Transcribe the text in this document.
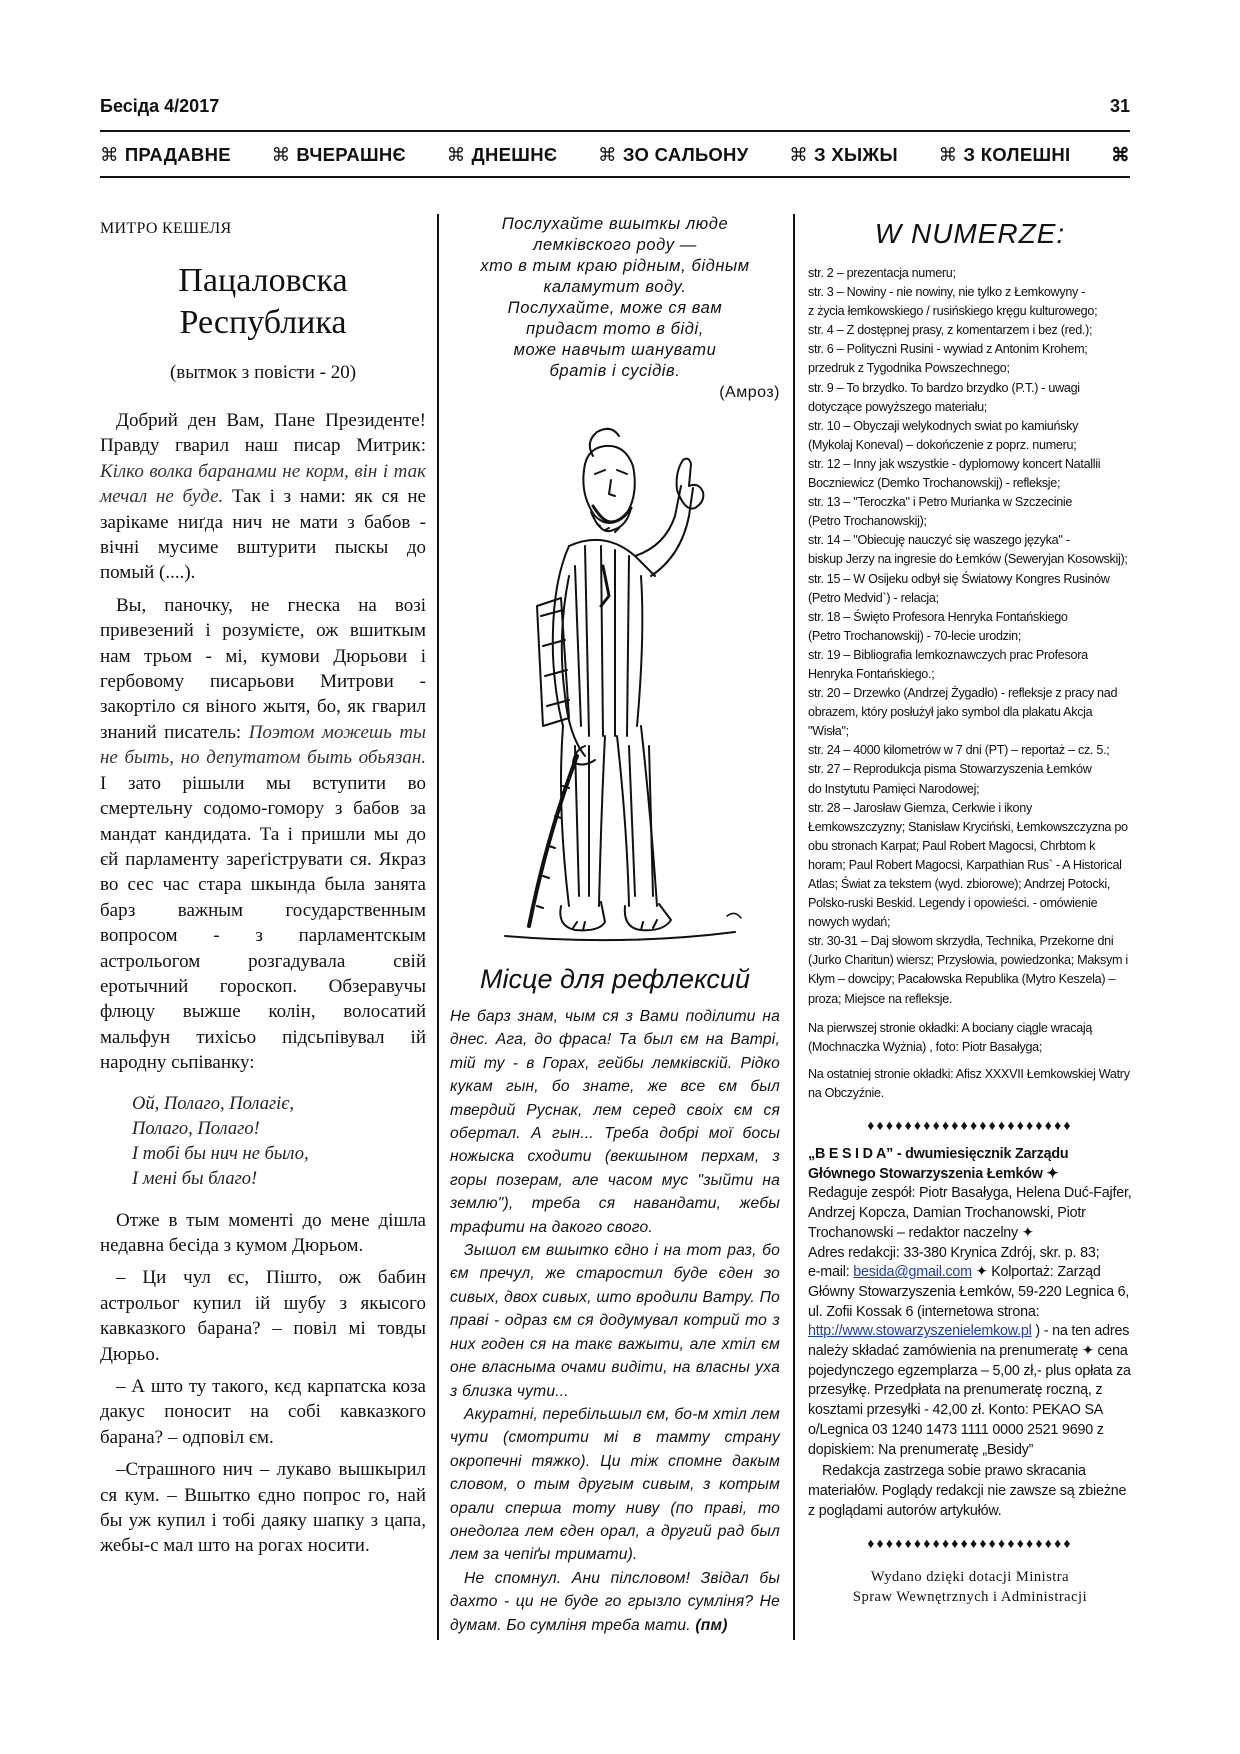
Бесіда 4/2017	31
⌘ ПРАДАВНЕ ⌘ ВЧЕРАШНЄ ⌘ ДНЕШНЄ ⌘ ЗО САЛЬОНУ ⌘ З ХЫЖЫ ⌘ З КОЛЕШНІ ⌘
МИТРО КЕШЕЛЯ
Пацаловска
Республика
(вытмок з повісти - 20)

Добрий ден Вам, Пане Президенте! Правду гварил наш писар Митрик: Кілко волка баранами не корм, він і так мечал не буде. Так і з нами: як ся не зарікаме ниґда нич не мати з бабов - вічні мусиме вштурити пыскы до помый (....).

Вы, паночку, не гнеска на возі привезений і розумієте, ож вшиткым нам трьом - мі, кумови Дюрьови і гербовому писарьови Митрови - закортіло ся віного жытя, бо, як гварил знаний писатель: Поэтом можешь ты не быть, но депутатом быть обьязан. І зато рішыли мы вступити во смертельну содомо-гомору з бабов за мандат кандидата. Та і пришли мы до єй парламенту зареґіструвати ся. Якраз во сес час стара шкында была занята барз важным государственным вопросом - з парламентскым астрольогом розгадувала свій еротычний гороскоп. Обзеравучы флюцу выжше колін, волосатий мальфун тихісьо підсьпівувал ій народну сьпіванку:

Ой, Полаго, Полагіє,
Полаго, Полаго!
І тобі бы нич не было,
І мені бы благо!

Отже в тым моменті до мене дішла недавна бесіда з кумом Дюрьом.

– Ци чул єс, Пішто, ож бабин астрольог купил ій шубу з якысого кавказкого барана? – повіл мі товды Дюрьо.

– А што ту такого, кєд карпатска коза дакус поносит на собі кавказкого барана? – одповіл єм.

–Страшного нич – лукаво вышкырил ся кум. – Вшытко єдно попрос го, най бы уж купил і тобі даяку шапку з цапа, жебы-с мал што на рогах носити.

Послухайте вшыткы люде
лемківского роду —
хто в тым краю рідным, бідным
каламутит воду.
Послухайте, може ся вам
придаст тото в біді,
може навчыт шанувати
братів і сусідів.
(Амроз)
Місце для рефлексий

Не барз знам, чым ся з Вами поділити на днес. Ага, до фраса! Та был єм на Ватрі, тій ту - в Горах, гейбы лемківскій. Рідко кукам гын, бо знате, же все єм был твердий Руснак, лем серед своіх єм ся обертал. А гын... Треба добрі мої босы ножыска сходити (векшыном перхам, з горы позерам, але часом мус "зыйти на землю"), треба ся навандати, жебы трафити на дакого свого.

Зышол єм вшытко єдно і на тот раз, бо єм пречул, же старостил буде єден зо сивых, двох сивых, што вродили Ватру. По праві - одраз єм ся додумувал котрий то з них годен ся на такє важыти, але хтіл єм оне власныма очами видіти, на власны уха з близка чути...

Акуратні, перебільшыл єм, бо-м хтіл лем чути (смотрити мі в тамту страну окропечні тяжко). Ци тіж спомне дакым словом, о тым другым сивым, з котрым орали спершa тоту ниву (по праві, то онедолга лем єден орал, а другий рад был лем за чепіґы тримати).

Не спомнул. Ани пілсловом! Звідал бы дахто - ци не буде го грызло сумліня? Не думам. Бо сумліня треба мати. (пм)

W NUMERZE:
str. 2 – prezentacja numeru;
str. 3 – Nowiny - nie nowiny, nie tylko z Łemkowyny -
z życia łemkowskiego / rusińskiego kręgu kulturowego;
str. 4 – Z dostępnej prasy, z komentarzem i bez (red.);
str. 6 – Polityczni Rusini - wywiad z Antonim Krohem;
przedruk z Tygodnika Powszechnego;
str. 9 – To brzydko. To bardzo brzydko (P.T.) - uwagi
dotyczące powyższego materiału;
str. 10 – Obyczaji welykodnych swiat po kamiuńsky
(Mykolaj Koneval) – dokończenie z poprz. numeru;
str. 12 – Inny jak wszystkie - dyplomowy koncert Natallii Boczniewicz (Demko Trochanowskij) - refleksje;
str. 13 – "Teroczka" i Petro Murianka w Szczecinie
(Petro Trochanowskij);
str. 14 – "Obiecuję nauczyć się waszego języka" -
biskup Jerzy na ingresie do Łemków (Seweryjan Kosowskij);
str. 15 – W Osijeku odbył się Światowy Kongres Rusinów (Petro Medvid`) - relacja;
str. 18 – Święto Profesora Henryka Fontańskiego
(Petro Trochanowskij) - 70-lecie urodzin;
str. 19 – Bibliografia lemkoznawczych prac Profesora
Henryka Fontańskiego.;
str. 20 – Drzewko (Andrzej Żygadło) - refleksje z pracy nad obrazem, który posłużył jako symbol dla plakatu Akcja "Wisła";
str. 24 – 4000 kilometrów w 7 dni (PT) – reportaż – cz. 5.;
str. 27 – Reprodukcja pisma Stowarzyszenia Łemków
do Instytutu Pamięci Narodowej;
str. 28 – Jarosław Giemza, Cerkwie i ikony Łemkowszczyzny; Stanisław Kryciński, Łemkowszczyzna po obu stronach Karpat; Paul Robert Magocsi, Chrbtom k horam; Paul Robert Magocsi, Karpathian Rus` - A Historical Atlas; Świat za tekstem (wyd. zbiorowe); Andrzej Potocki, Polsko-ruski Beskid. Legendy i opowieści. - omówienie nowych wydań;
str. 30-31 – Daj słowom skrzydła, Technika, Przekorne dni (Jurko Charitun) wiersz; Przysłowia, powiedzonka; Maksym i Kłym – dowcipy; Pacałowska Republika (Mytro Keszela) – proza; Miejsce na refleksje.
Na pierwszej stronie okładki: A bociany ciągle wracają (Mochnaczka Wyżnia) , foto: Piotr Basałyga;
Na ostatniej stronie okładki: Afisz XXXVII Łemkowskiej Watry na Obczyźnie.
♦♦♦♦♦♦♦♦♦♦♦♦♦♦♦♦♦♦♦♦♦♦
„B E S I D A” - dwumiesięcznik Zarządu Głównego Stowarzyszenia Łemków ✦
Redaguje zespół: Piotr Basałyga, Helena Duć-Fajfer, Andrzej Kopcza, Damian Trochanowski, Piotr Trochanowski – redaktor naczelny ✦
Adres redakcji: 33-380 Krynica Zdrój, skr. p. 83;
e-mail: besida@gmail.com ✦ Kolportaż: Zarząd Główny Stowarzyszenia Łemków, 59-220 Legnica 6, ul. Zofii Kossak 6 (internetowa strona: http://www.stowarzyszenielemkow.pl ) - na ten adres należy składać zamówienia na prenumeratę ✦ cena pojedynczego egzemplarza – 5,00 zł,- plus opłata za przesyłkę. Przedpłata na prenumeratę roczną, z kosztami przesyłki - 42,00 zł. Konto: PEKAO SA o/Legnica 03 1240 1473 1111 0000 2521 9690 z dopiskiem: Na prenumeratę „Besidy”
Redakcja zastrzega sobie prawo skracania materiałów. Poglądy redakcji nie zawsze są zbieżne z poglądami autorów artykułów.
♦♦♦♦♦♦♦♦♦♦♦♦♦♦♦♦♦♦♦♦♦♦
Wydano dzięki dotacji Ministra
Spraw Wewnętrznych i Administracji
